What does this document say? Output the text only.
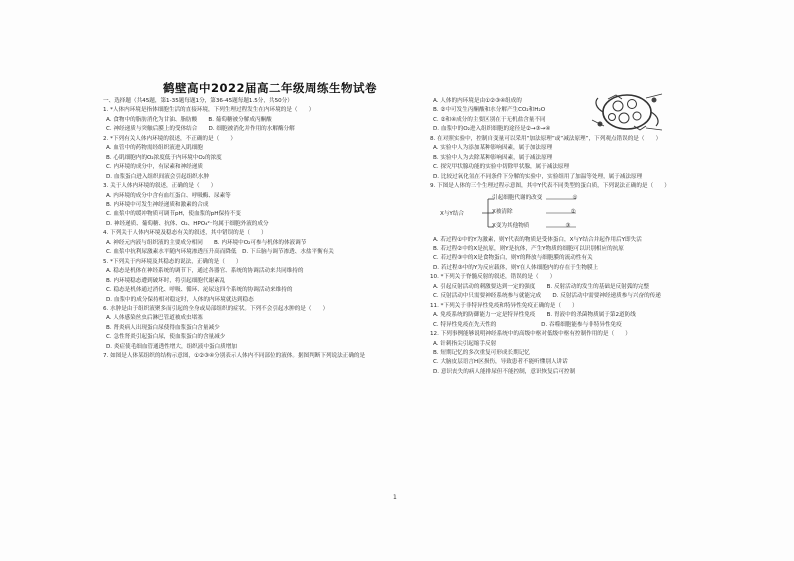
鹤壁高中2022届高二年级周练生物试卷
一、选择题（共45题，第1-35题每题1分，第36-45题每题1.5分，共50分）
1. *人体内环境是指体细胞生活的直接环境，下列生理过程发生在内环境的是（　　）
A. 食物中的脂肪消化为甘油、脂肪酸　　B. 葡萄糖被分解成丙酮酸
C. 神经递质与突触后膜上的受体结合　　D. 细胞被消化并作用的水解酶分解
2. *下列有关人体内环境的叙述，不正确的是（　　）
A. 血管中的药物需经组织液进入肌细胞
B. 心肌细胞内的O₂浓度低于内环境中O₂的浓度
C. 内环境的成分中，有尿素和神经递质
D. 血浆蛋白进入组织间液会引起组织水肿
3. 关于人体内环境的叙述，正确的是（　　）
A. 内环境的成分中含有血红蛋白、呼吸酶、尿素等
B. 内环境中可发生神经递质和激素的合成
C. 血浆中的缓冲物质可调节pH，使血浆的pH保持不变
D. 神经递质、葡萄糖、抗体、O₂、HPO₄²⁻均属于细胞外液的成分
4. 下列关于人体内环境及稳态有关的叙述，其中错误的是（　　）
A. 神经元内液与组织液的主要成分相同　　B. 内环境中O₂可参与机体的体液调节
C. 血浆中抗利尿激素水平随内环境渗透压升高而降低　D. 下丘脑与调节渗透、水盐平衡有关
5. *下列关于内环境及其稳态的说法，正确的是（　　）
A. 稳态是机体在神经系统的调节下，通过各器官、系统的协调活动来共同维持的
B. 内环境稳态遭到破坏时，将引起细胞代谢紊乱
C. 稳态是机体通过消化、呼吸、循环、泌尿这四个系统的协调活动来维持的
D. 血浆中的成分保持相对稳定时，人体的内环境就达到稳态
6. 水肿是由于组织液聚多而引起的全身或局部组织的症状。下列不会引起水肿的是（　　）
A. 人体感染丝虫后淋巴管道被成虫堵塞
B. 肾炎病人出现蛋白尿使得血浆蛋白含量减少
C. 急性肾炎引起蛋白尿，使血浆蛋白的含量减少
D. 炎症使毛细血管通透性增大，组织液中蛋白质增加
7. 如图是人体某组织的结构示意图，①②③④分别表示人体内不同部位的液体。据图判断下列说法正确的是
A. 人体的内环境是由①②③④组成的
B. ②中可发生丙酮酸和水分解产生CO₂和H₂O
C. ②和④成分的主要区别在于无机盐含量不同
D. 血浆中的O₂进入组织细胞的途径是②→③→④
8. 在对照实验中，控制自变量可以采用“加法原理”或“减法原理”，下列观点错误的是（　　）
A. 实验中人为添加某种影响因素，属于加法原理
B. 实验中人为去除某种影响因素，属于减法原理
C. 探究甲状腺功能的实验中切除甲状腺，属于减法原理
D. 比较过氧化氢在不同条件下分解的实验中，实验组用了加温等处理，属于减法原理
9. 下图是人体的三个生理过程示意图，其中Y代表不同类型的蛋白质，下列说法正确的是（　　）
X与Y结合
引起细胞代谢的改变	①
X被清除	②
X变为其他物质	③
A. 若过程①中的Y为激素，则Y代表的物质是受体蛋白，X与Y结合并起作用后Y即失活
B. 若过程②中的X是抗原，则Y是抗体，产生Y物质的细胞可以识别相应的抗原
C. 若过程③中的X是食物蛋白，则Y的释放与细胞膜的流动性有关
D. 若过程③中的Y为反应载体，则Y在人体细胞内的存在于生物膜上
10. *下列关于脊髓反射的叙述，错误的是（　　）
A. 引起反射活动的刺激要达到一定的强度　　B. 反射活动的发生的基础是反射弧的完整
C. 反射活动中只需要神经系统参与就能完成　　D. 反射活动中需要神经递质参与兴奋的传递
11. *下列关于非特异性免疫和特异性免疫正确的是（　　）
A. 免疫系统的防御能力一定是特异性免疫　　B. 胃液中的杀菌物质属于第2道防线
C. 特异性免疫在先天性的　　　　　　　　D. 吞噬细胞能参与非特异性免疫
12. 下列事例能够说明神经系统中的高级中枢对低级中枢有控制作用的是（　　）
A. 针刺指尖引起缩手反射
B. 短期记忆的多次重复可形成长期记忆
C. 大脑皮层语言H区损伤，导致患者不能听懂别人讲话
D. 意识丧失的病人能排尿但不能控制，意识恢复后可控制
1
